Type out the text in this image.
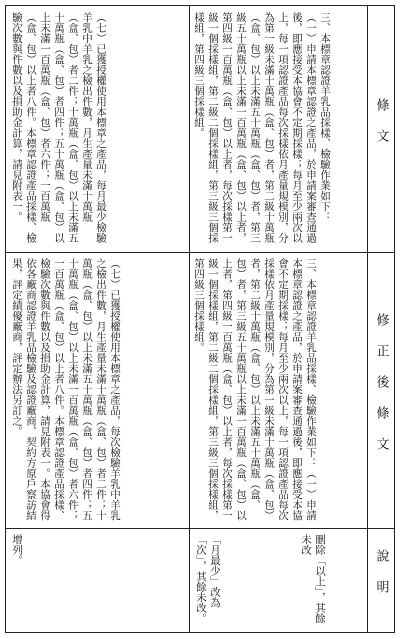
條文
三、本標章認證羊乳品採樣、檢驗作業如下：（一）申請本標章認證之產品，於申請案審查通過後，即應接受本協會不定期採樣；每月至少兩次以上，每一項認證產品每次採樣依月產量規模別，分為第一級未滿十萬瓶（盒、包）者，第二級十萬瓶（盒、包）以上未滿五十萬瓶（盒、包）者，第三級五十萬瓶以上未滿一百萬瓶（盒、包）以上者，第四級一百萬瓶（盒、包）以上者，每次採樣第一級一個採樣組，第二級二個採樣組，第三級三個採樣組，第四級三個採樣組。
（七）已獲授權使用本標章之產品，每月最少檢驗羊乳中羊乳之檢出件數，月生產量未滿十萬瓶（盒、包）者二件；十萬瓶（盒、包）以上未滿五十萬瓶（盒、包）者四件；五十萬瓶（盒、包）以上未滿一百萬瓶（盒、包）者六件；一百萬瓶（盒、包）以上者八件。本標章認證產品採樣、檢驗次數與件數以及損助金計算，請見附表一。
修正後條文
三、本標章認證羊乳品採樣、檢驗作業如下：（一）申請本標章認證之產品，於申請案審查通過後，即應接受本協會不定期採樣；每月至少兩次以上，每一項認證產品每次採樣依月產量規模別，分為第一級未滿十萬瓶（盒、包）者，第二級十萬瓶（盒、包）以上未滿五十萬瓶（盒、包）者，第三級五十萬瓶以上未滿一百萬瓶（盒、包）以上者，第四級一百萬瓶（盒、包）以上者，每次採樣第一級一個採樣組，第二級二個採樣組，第三級三個採樣組，第四級三個採樣組。
（七）已獲授權使用本標章之產品，每次檢驗羊乳中羊乳之檢出件數，月生產量未滿十萬瓶（盒、包）者二件；十萬瓶（盒、包）以上未滿五十萬瓶（盒、包）者四件；五十萬瓶（盒、包）以上未滿一百萬瓶（盒、包）者六件；一百萬瓶（盒、包）以上者八件。本標章認證產品採樣、檢驗次數與件數以及損助金計算，請見附表一。本協會得依各廠商認證羊乳品檢驗及認證廠商、契約方原戶察訪結果，評定績優廠商，評定辦法另訂之。
說明
刪除「以上」，其餘未改
「月最少」改為「次」，其餘未改。
增列。
